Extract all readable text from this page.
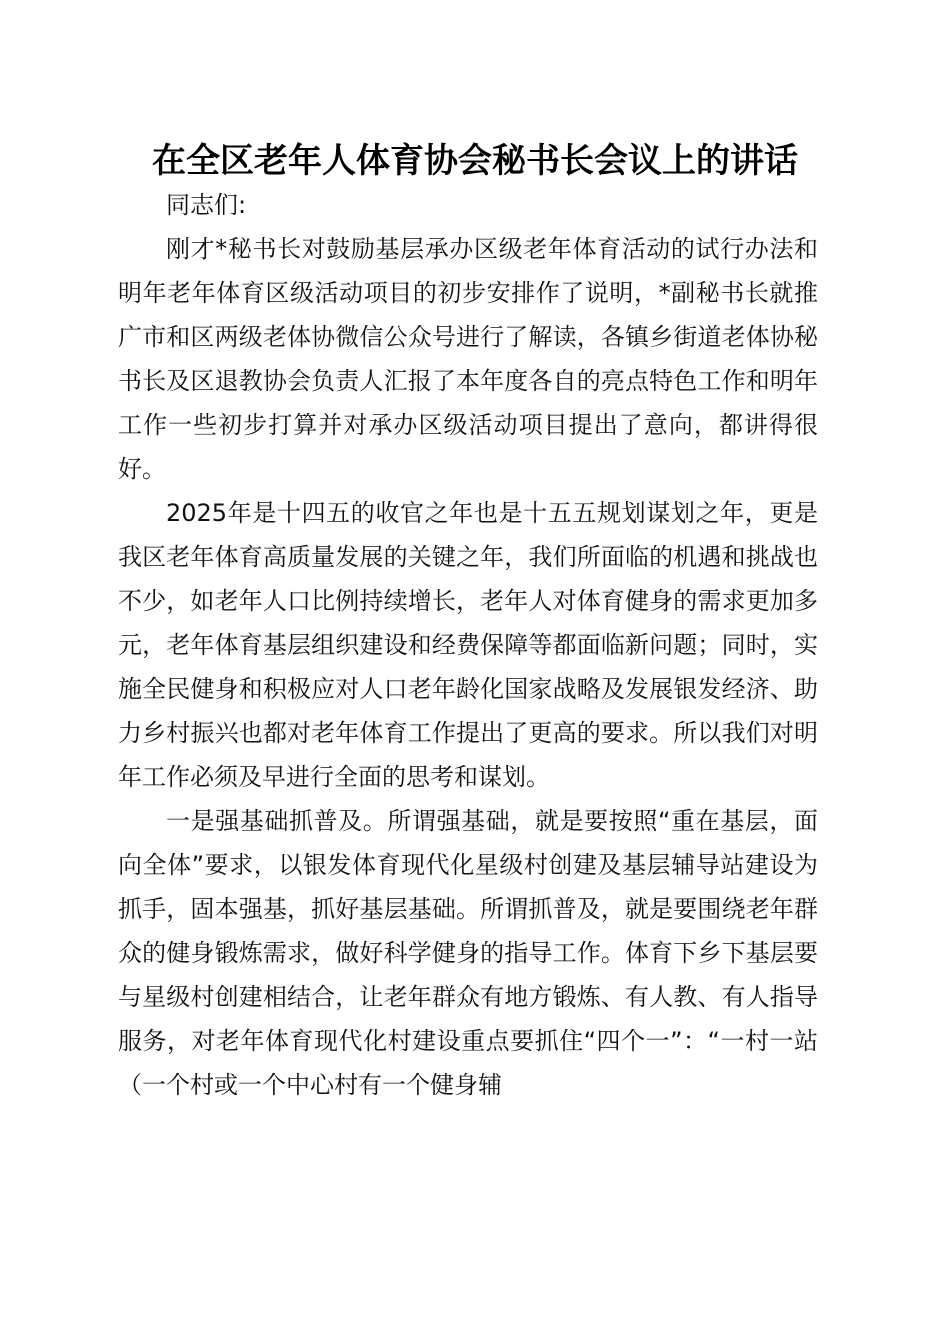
在全区老年人体育协会秘书长会议上的讲话

同志们:

刚才*秘书长对鼓励基层承办区级老年体育活动的试行办法和明年老年体育区级活动项目的初步安排作了说明，*副秘书长就推广市和区两级老体协微信公众号进行了解读，各镇乡街道老体协秘书长及区退教协会负责人汇报了本年度各自的亮点特色工作和明年工作一些初步打算并对承办区级活动项目提出了意向，都讲得很好。

2025年是十四五的收官之年也是十五五规划谋划之年，更是我区老年体育高质量发展的关键之年，我们所面临的机遇和挑战也不少，如老年人口比例持续增长，老年人对体育健身的需求更加多元，老年体育基层组织建设和经费保障等都面临新问题；同时，实施全民健身和积极应对人口老年龄化国家战略及发展银发经济、助力乡村振兴也都对老年体育工作提出了更高的要求。所以我们对明年工作必须及早进行全面的思考和谋划。

一是强基础抓普及。所谓强基础，就是要按照“重在基层，面向全体”要求，以银发体育现代化星级村创建及基层辅导站建设为抓手，固本强基，抓好基层基础。所谓抓普及，就是要围绕老年群众的健身锻炼需求，做好科学健身的指导工作。体育下乡下基层要与星级村创建相结合，让老年群众有地方锻炼、有人教、有人指导服务，对老年体育现代化村建设重点要抓住“四个一”：“一村一站（一个村或一个中心村有一个健身辅
